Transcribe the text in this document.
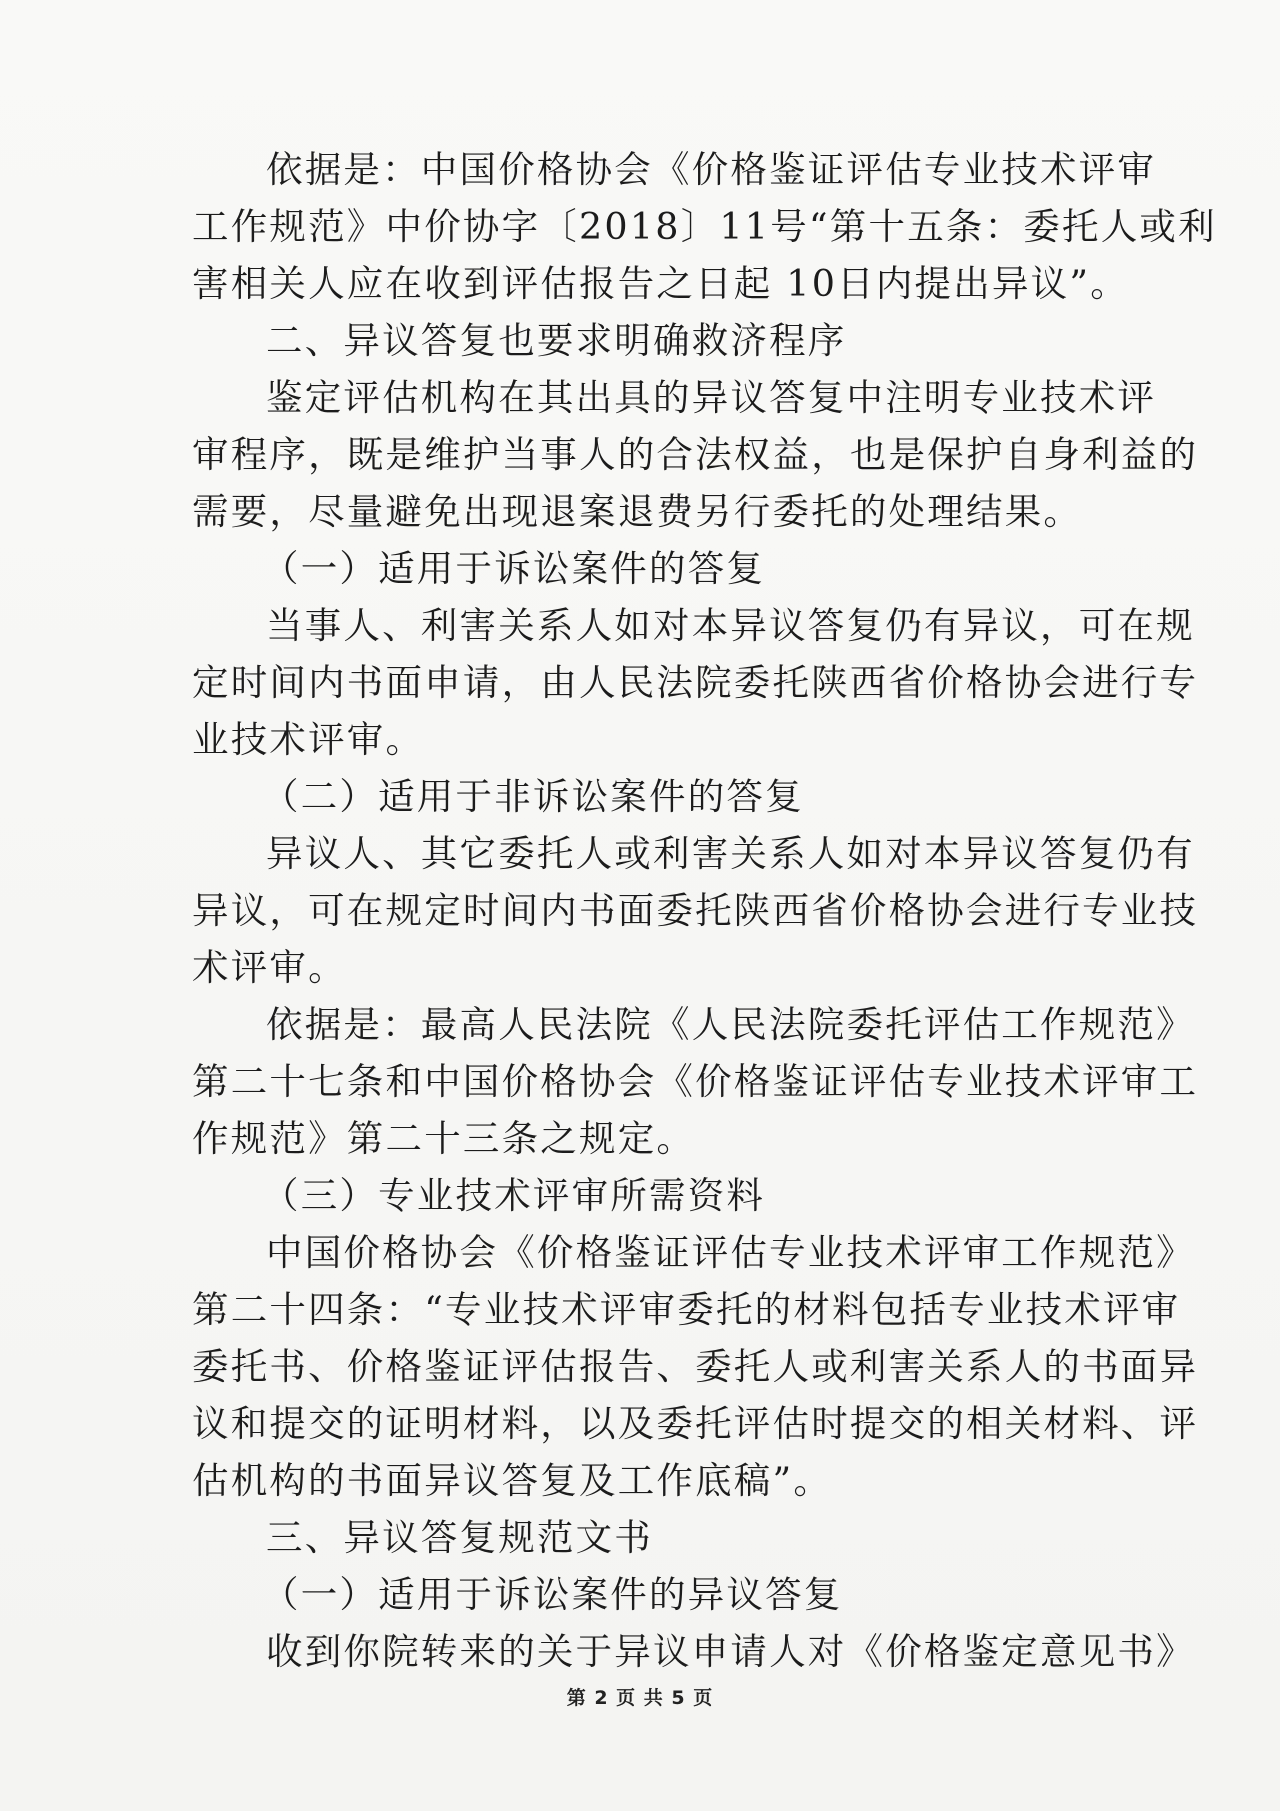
依据是：中国价格协会《价格鉴证评估专业技术评审
工作规范》中价协字〔2018〕11号“第十五条：委托人或利
害相关人应在收到评估报告之日起 10日内提出异议”。
二、异议答复也要求明确救济程序
鉴定评估机构在其出具的异议答复中注明专业技术评
审程序，既是维护当事人的合法权益，也是保护自身利益的
需要，尽量避免出现退案退费另行委托的处理结果。
（一）适用于诉讼案件的答复
当事人、利害关系人如对本异议答复仍有异议，可在规
定时间内书面申请，由人民法院委托陕西省价格协会进行专
业技术评审。
（二）适用于非诉讼案件的答复
异议人、其它委托人或利害关系人如对本异议答复仍有
异议，可在规定时间内书面委托陕西省价格协会进行专业技
术评审。
依据是：最高人民法院《人民法院委托评估工作规范》
第二十七条和中国价格协会《价格鉴证评估专业技术评审工
作规范》第二十三条之规定。
（三）专业技术评审所需资料
中国价格协会《价格鉴证评估专业技术评审工作规范》
第二十四条：“专业技术评审委托的材料包括专业技术评审
委托书、价格鉴证评估报告、委托人或利害关系人的书面异
议和提交的证明材料，以及委托评估时提交的相关材料、评
估机构的书面异议答复及工作底稿”。
三、异议答复规范文书
（一）适用于诉讼案件的异议答复
收到你院转来的关于异议申请人对《价格鉴定意见书》
第 2 页 共 5 页
